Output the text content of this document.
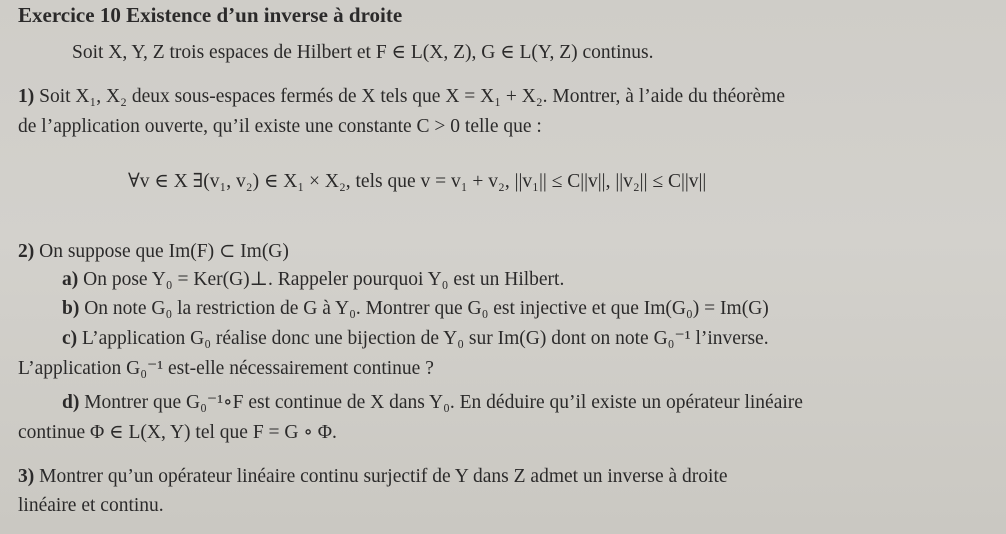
Exercice 10 Existence d’un inverse à droite
Soit X, Y, Z trois espaces de Hilbert et F ∈ L(X, Z), G ∈ L(Y, Z) continus.
1) Soit X₁, X₂ deux sous-espaces fermés de X tels que X = X₁ + X₂. Montrer, à l’aide du théorème
de l’application ouverte, qu’il existe une constante C > 0 telle que :
∀v ∈ X ∃(v₁, v₂) ∈ X₁ × X₂, tels que v = v₁ + v₂, ||v₁|| ≤ C||v||, ||v₂|| ≤ C||v||
2) On suppose que Im(F) ⊂ Im(G)
a) On pose Y₀ = Ker(G)⊥. Rappeler pourquoi Y₀ est un Hilbert.
b) On note G₀ la restriction de G à Y₀. Montrer que G₀ est injective et que Im(G₀) = Im(G)
c) L’application G₀ réalise donc une bijection de Y₀ sur Im(G) dont on note G₀⁻¹ l’inverse.
L’application G₀⁻¹ est-elle nécessairement continue ?
d) Montrer que G₀⁻¹∘F est continue de X dans Y₀. En déduire qu’il existe un opérateur linéaire
continue Φ ∈ L(X, Y) tel que F = G ∘ Φ.
3) Montrer qu’un opérateur linéaire continu surjectif de Y dans Z admet un inverse à droite
linéaire et continu.
